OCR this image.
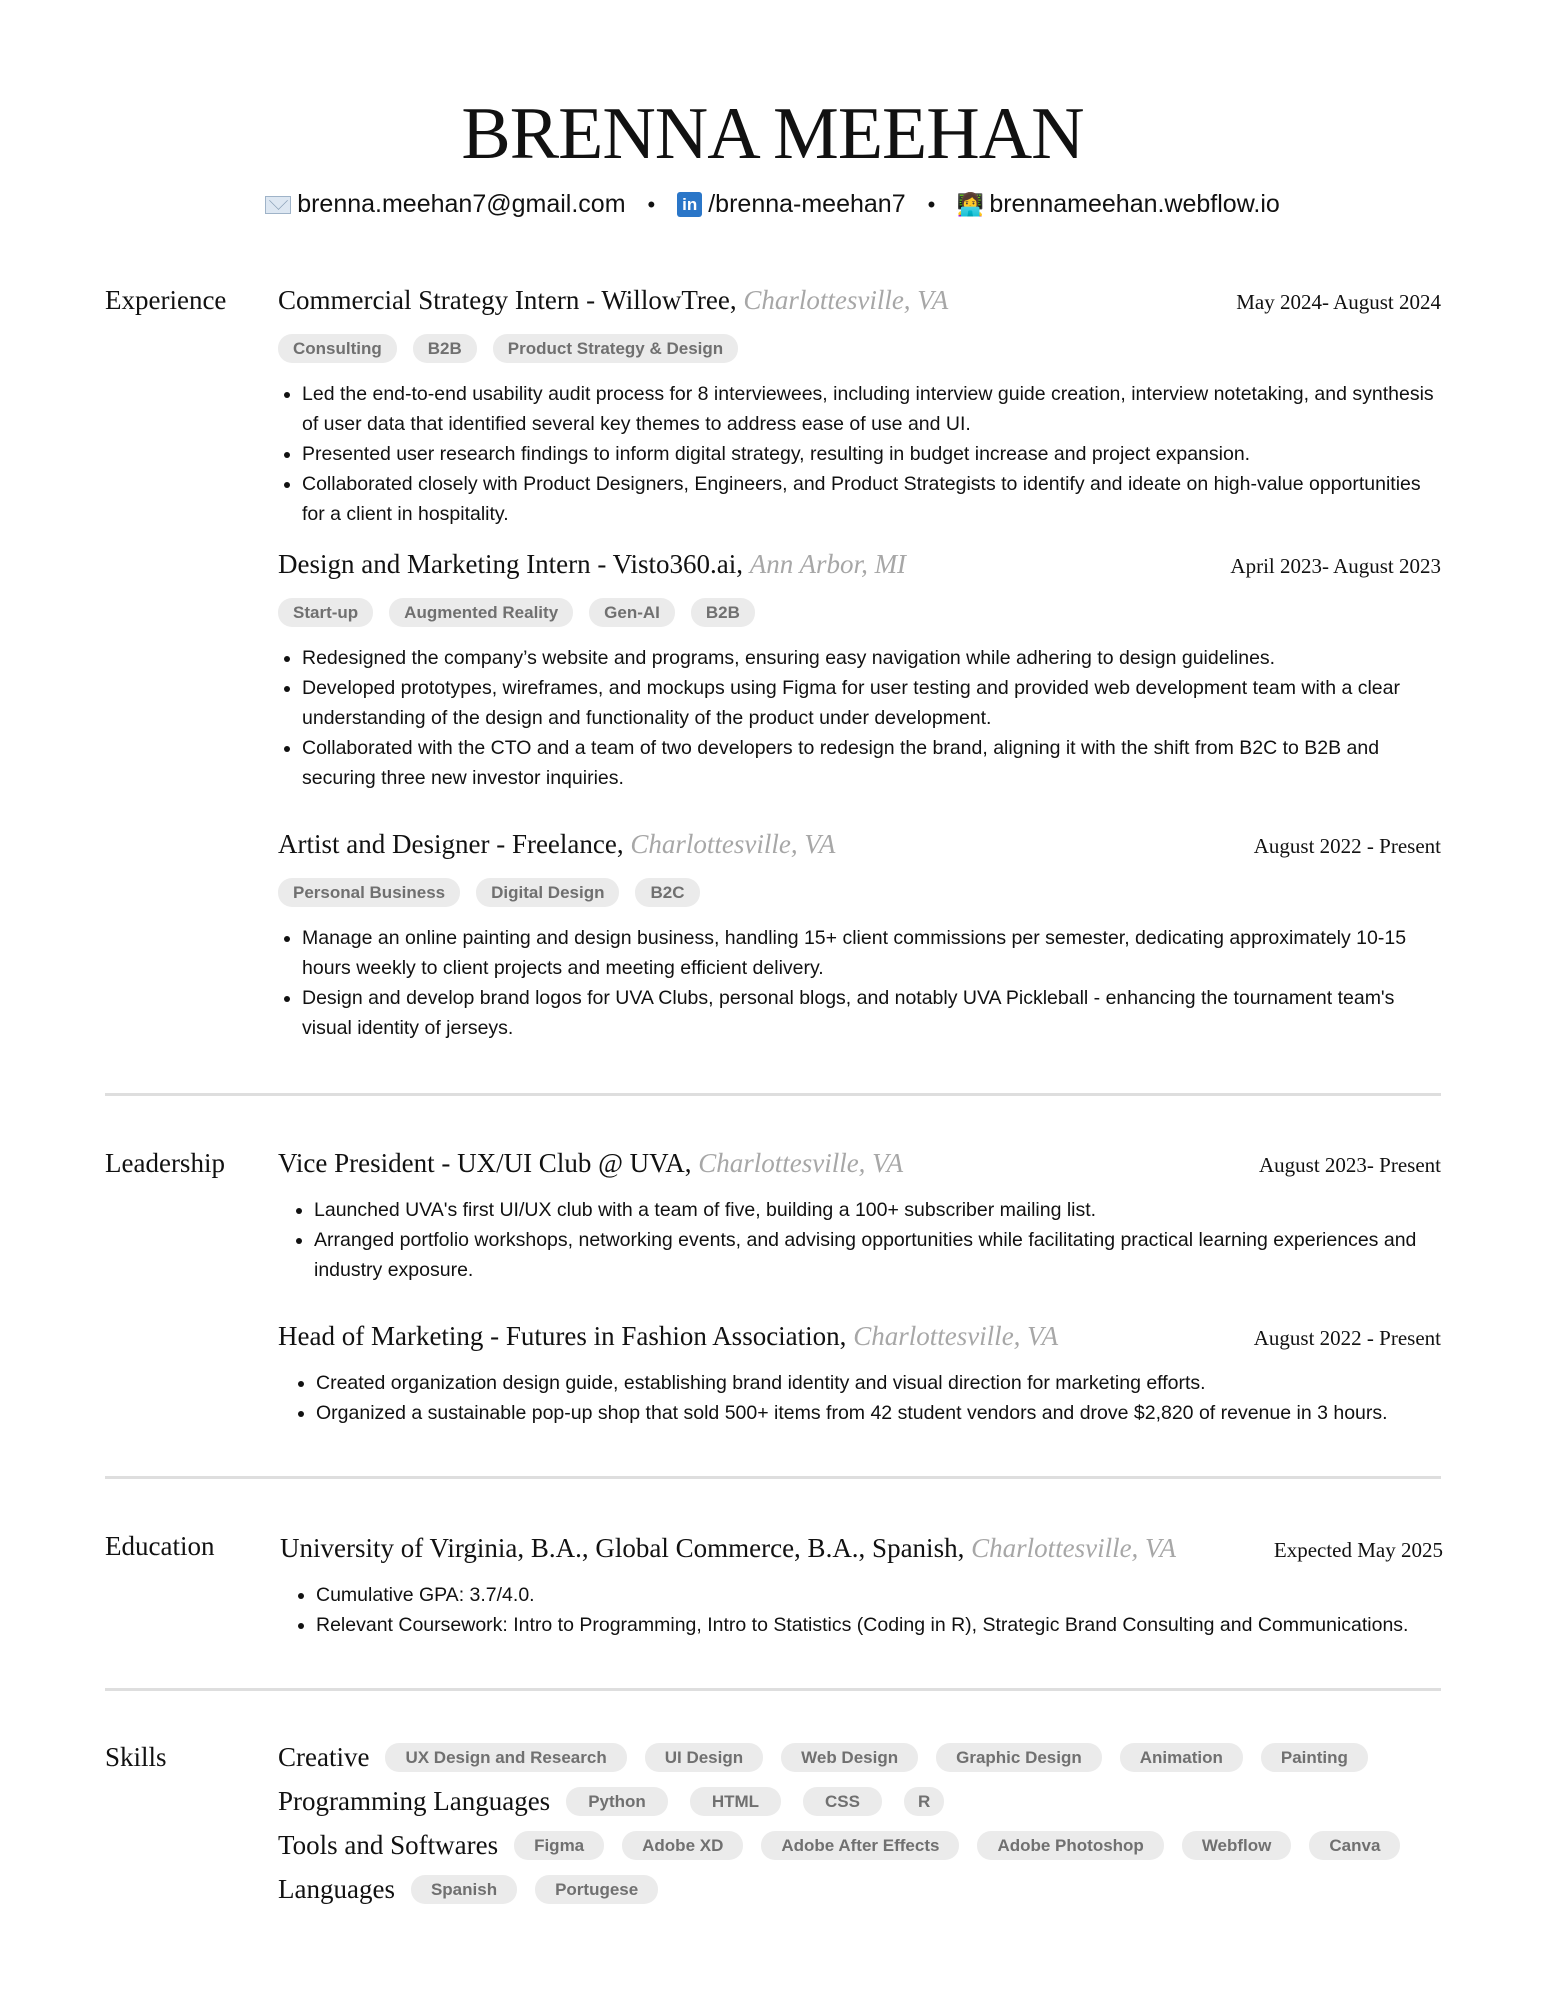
BRENNA MEEHAN
brenna.meehan7@gmail.com • in /brenna-meehan7 • 👩‍💻 brennameehan.webflow.io
Experience Commercial Strategy Intern - WillowTree, Charlottesville, VA	May 2024- August 2024
Consulting	B2B	Product Strategy & Design
• Led the end-to-end usability audit process for 8 interviewees, including interview guide creation, interview notetaking, and synthesis of user data that identified several key themes to address ease of use and UI.
• Presented user research findings to inform digital strategy, resulting in budget increase and project expansion.
• Collaborated closely with Product Designers, Engineers, and Product Strategists to identify and ideate on high-value opportunities for a client in hospitality.
Design and Marketing Intern - Visto360.ai, Ann Arbor, MI	April 2023- August 2023
Start-up	Augmented Reality	Gen-AI	B2B
• Redesigned the company’s website and programs, ensuring easy navigation while adhering to design guidelines.
• Developed prototypes, wireframes, and mockups using Figma for user testing and provided web development team with a clear understanding of the design and functionality of the product under development.
• Collaborated with the CTO and a team of two developers to redesign the brand, aligning it with the shift from B2C to B2B and securing three new investor inquiries.
Artist and Designer - Freelance, Charlottesville, VA	August 2022 - Present
Personal Business	Digital Design	B2C
• Manage an online painting and design business, handling 15+ client commissions per semester, dedicating approximately 10-15 hours weekly to client projects and meeting efficient delivery.
• Design and develop brand logos for UVA Clubs, personal blogs, and notably UVA Pickleball - enhancing the tournament team's visual identity of jerseys.
Leadership Vice President - UX/UI Club @ UVA, Charlottesville, VA	August 2023- Present
• Launched UVA's first UI/UX club with a team of five, building a 100+ subscriber mailing list.
• Arranged portfolio workshops, networking events, and advising opportunities while facilitating practical learning experiences and industry exposure.
Head of Marketing - Futures in Fashion Association, Charlottesville, VA	August 2022 - Present
• Created organization design guide, establishing brand identity and visual direction for marketing efforts.
• Organized a sustainable pop-up shop that sold 500+ items from 42 student vendors and drove $2,820 of revenue in 3 hours.
Education University of Virginia, B.A., Global Commerce, B.A., Spanish, Charlottesville, VA	Expected May 2025
• Cumulative GPA: 3.7/4.0.
• Relevant Coursework: Intro to Programming, Intro to Statistics (Coding in R), Strategic Brand Consulting and Communications.
Skills	Creative	UX Design and Research	UI Design	Web Design	Graphic Design	Animation	Painting
Programming Languages	Python	HTML	CSS	R
Tools and Softwares	Figma	Adobe XD	Adobe After Effects	Adobe Photoshop	Webflow	Canva
Languages	Spanish	Portugese
